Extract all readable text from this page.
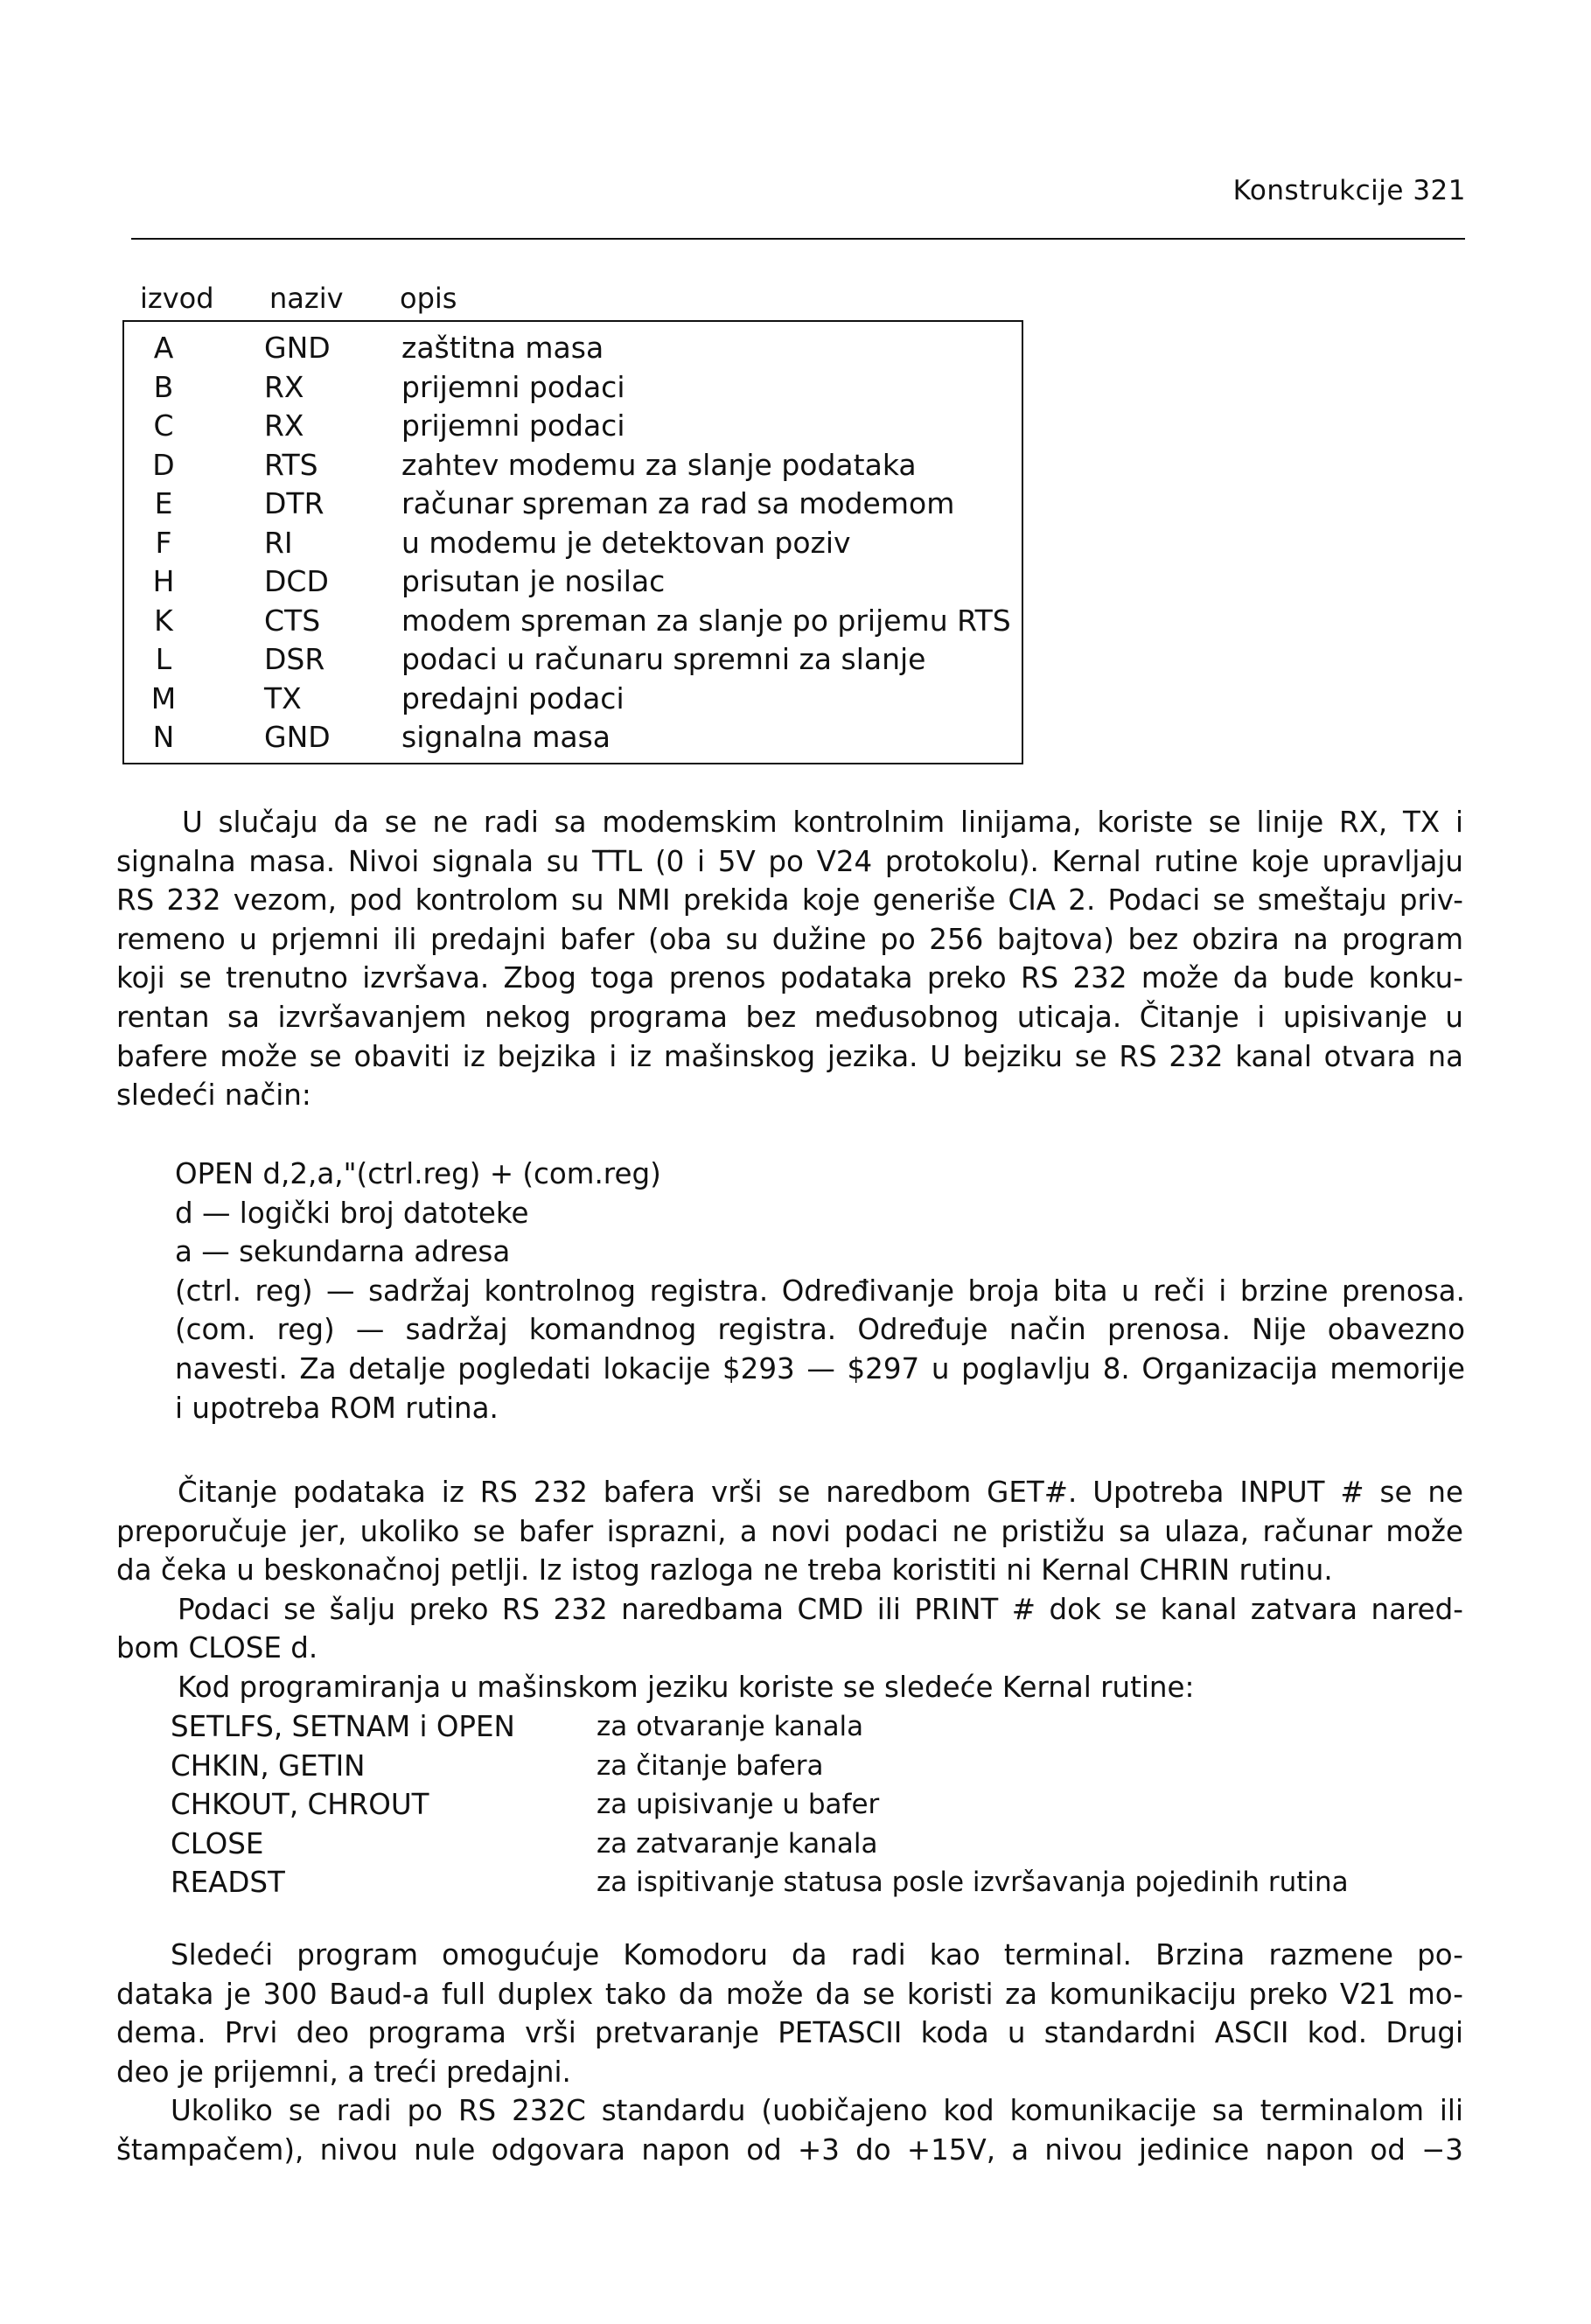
Konstrukcije 321
izvod naziv opis
A	GND zaštitna masa
B	RX	prijemni podaci
C	RX	prijemni podaci
D	RTS	zahtev modemu za slanje podataka
E	DTR	računar spreman za rad sa modemom
F	RI	u modemu je detektovan poziv
H	DCD	prisutan je nosilac
K	CTS	modem spreman za slanje po prijemu RTS
L	DSR	podaci u računaru spremni za slanje
M	TX	predajni podaci
N	GND signalna masa

U slučaju da se ne radi sa modemskim kontrolnim linijama, koriste se linije RX, TX i

signalna masa. Nivoi signala su TTL (0 i 5V po V24 protokolu). Kernal rutine koje upravljaju

RS 232 vezom, pod kontrolom su NMI prekida koje generiše CIA 2. Podaci se smeštaju priv-

remeno u prjemni ili predajni bafer (oba su dužine po 256 bajtova) bez obzira na program

koji se trenutno izvršava. Zbog toga prenos podataka preko RS 232 može da bude konku-

rentan sa izvršavanjem nekog programa bez međusobnog uticaja. Čitanje i upisivanje u

bafere može se obaviti iz bejzika i iz mašinskog jezika. U bejziku se RS 232 kanal otvara na

sledeći način:

OPEN d,2,a,"(ctrl.reg) + (com.reg)

d — logički broj datoteke

a — sekundarna adresa

(ctrl. reg) — sadržaj kontrolnog registra. Određivanje broja bita u reči i brzine prenosa.

(com. reg) — sadržaj komandnog registra. Određuje način prenosa. Nije obavezno

navesti. Za detalje pogledati lokacije $293 — $297 u poglavlju 8. Organizacija memorije

i upotreba ROM rutina.

Čitanje podataka iz RS 232 bafera vrši se naredbom GET#. Upotreba INPUT # se ne

preporučuje jer, ukoliko se bafer isprazni, a novi podaci ne pristižu sa ulaza, računar može

da čeka u beskonačnoj petlji. Iz istog razloga ne treba koristiti ni Kernal CHRIN rutinu.

Podaci se šalju preko RS 232 naredbama CMD ili PRINT # dok se kanal zatvara nared-

bom CLOSE d.

Kod programiranja u mašinskom jeziku koriste se sledeće Kernal rutine:

SETLFS, SETNAM i OPEN	za otvaranje kanala
CHKIN, GETIN	za čitanje bafera
CHKOUT, CHROUT	za upisivanje u bafer
CLOSE	za zatvaranje kanala
READST	za ispitivanje statusa posle izvršavanja pojedinih rutina

Sledeći program omogućuje Komodoru da radi kao terminal. Brzina razmene po-

dataka je 300 Baud-a full duplex tako da može da se koristi za komunikaciju preko V21 mo-

dema. Prvi deo programa vrši pretvaranje PETASCII koda u standardni ASCII kod. Drugi

deo je prijemni, a treći predajni.

Ukoliko se radi po RS 232C standardu (uobičajeno kod komunikacije sa terminalom ili

štampačem), nivou nule odgovara napon od +3 do +15V, a nivou jedinice napon od −3
